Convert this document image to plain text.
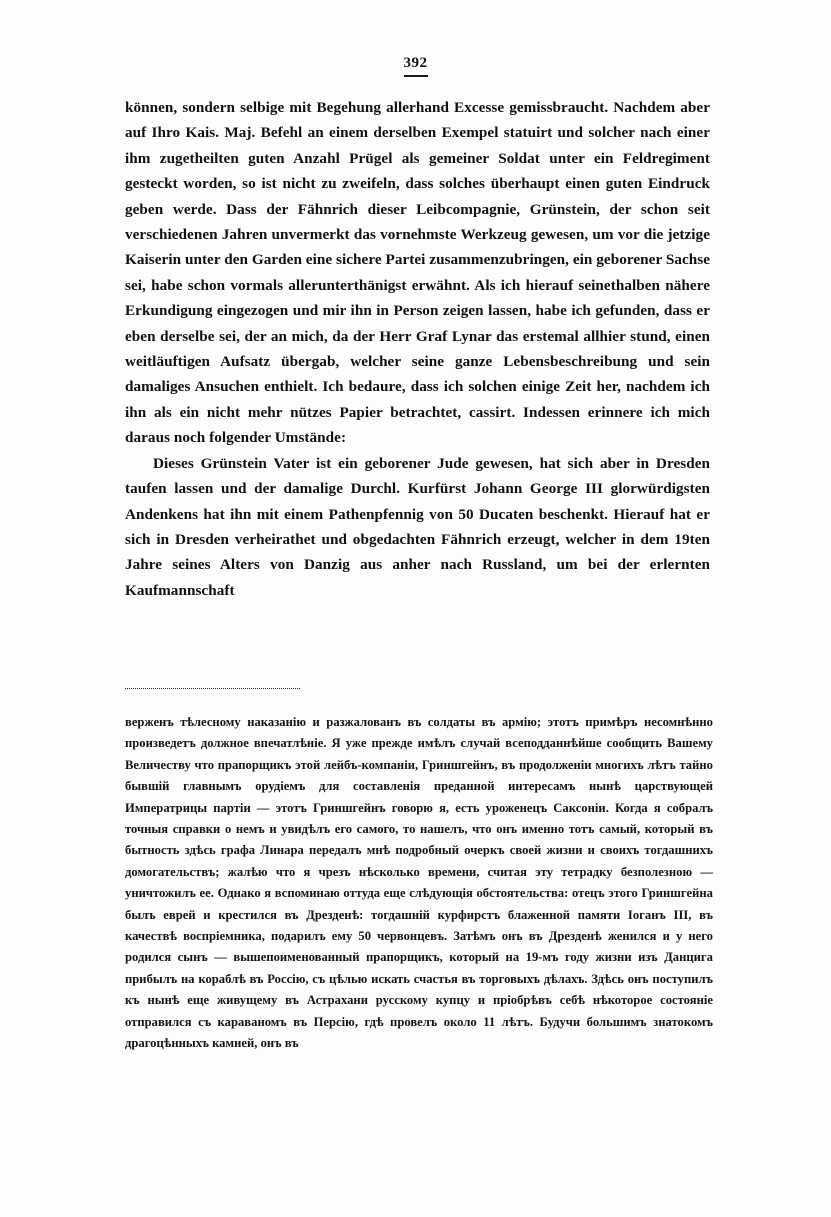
392

können, sondern selbige mit Begehung allerhand Excesse gemissbraucht. Nachdem aber auf Ihro Kais. Maj. Befehl an einem derselben Exempel statuirt und solcher nach einer ihm zugetheilten guten Anzahl Prügel als gemeiner Soldat unter ein Feldregiment gesteckt worden, so ist nicht zu zweifeln, dass solches überhaupt einen guten Eindruck geben werde. Dass der Fähnrich dieser Leibcompagnie, Grünstein, der schon seit verschiedenen Jahren unvermerkt das vornehmste Werkzeug gewesen, um vor die jetzige Kaiserin unter den Garden eine sichere Partei zusammenzubringen, ein geborener Sachse sei, habe schon vormals allerunterthänigst erwähnt. Als ich hierauf seinethalben nähere Erkundigung eingezogen und mir ihn in Person zeigen lassen, habe ich gefunden, dass er eben derselbe sei, der an mich, da der Herr Graf Lynar das erstemal allhier stund, einen weitläuftigen Aufsatz übergab, welcher seine ganze Lebensbeschreibung und sein damaliges Ansuchen enthielt. Ich bedaure, dass ich solchen einige Zeit her, nachdem ich ihn als ein nicht mehr nützes Papier betrachtet, cassirt. Indessen erinnere ich mich daraus noch folgender Umstände:

Dieses Grünstein Vater ist ein geborener Jude gewesen, hat sich aber in Dresden taufen lassen und der damalige Durchl. Kurfürst Johann George III glorwürdigsten Andenkens hat ihn mit einem Pathenpfennig von 50 Ducaten beschenkt. Hierauf hat er sich in Dresden verheirathet und obgedachten Fähnrich erzeugt, welcher in dem 19ten Jahre seines Alters von Danzig aus anher nach Russland, um bei der erlernten Kaufmannschaft

верженъ тѣлесному наказанію и разжалованъ въ солдаты въ армію; этотъ примѣръ несомнѣнно произведетъ должное впечатлѣніе. Я уже прежде имѣлъ случай всеподданнѣйше сообщить Вашему Величеству что прапорщикъ этой лейбъ-компаніи, Гриншгейнъ, въ продолженіи многихъ лѣтъ тайно бывшій главнымъ орудіемъ для составленія преданной интересамъ нынѣ царствующей Императрицы партіи — этотъ Гриншгейнъ говорю я, есть уроженецъ Саксоніи. Когда я собралъ точныя справки о немъ и увидѣлъ его самого, то нашелъ, что онъ именно тотъ самый, который въ бытность здѣсь графа Линара передалъ мнѣ подробный очеркъ своей жизни и своихъ тогдашнихъ домогательствъ; жалѣю что я чрезъ нѣсколько времени, считая эту тетрадку безполезною — уничтожилъ ее. Однако я вспоминаю оттуда еще слѣдующія обстоятельства: отецъ этого Гриншгейна былъ еврей и крестился въ Дрезденѣ: тогдашній курфирстъ блаженной памяти Іоганъ III, въ качествѣ воспріемника, подарилъ ему 50 червонцевъ. Затѣмъ онъ въ Дрезденѣ женился и у него родился сынъ — вышепоименованный прапорщикъ, который на 19-мъ году жизни изъ Данцига прибылъ на кораблѣ въ Россію, съ цѣлью искать счастья въ торговыхъ дѣлахъ. Здѣсь онъ поступилъ къ нынѣ еще живущему въ Астрахани русскому купцу и пріобрѣвъ себѣ нѣкоторое состояніе отправился съ караваномъ въ Персію, гдѣ провелъ около 11 лѣтъ. Будучи большимъ знатокомъ драгоцѣнныхъ камней, онъ въ
